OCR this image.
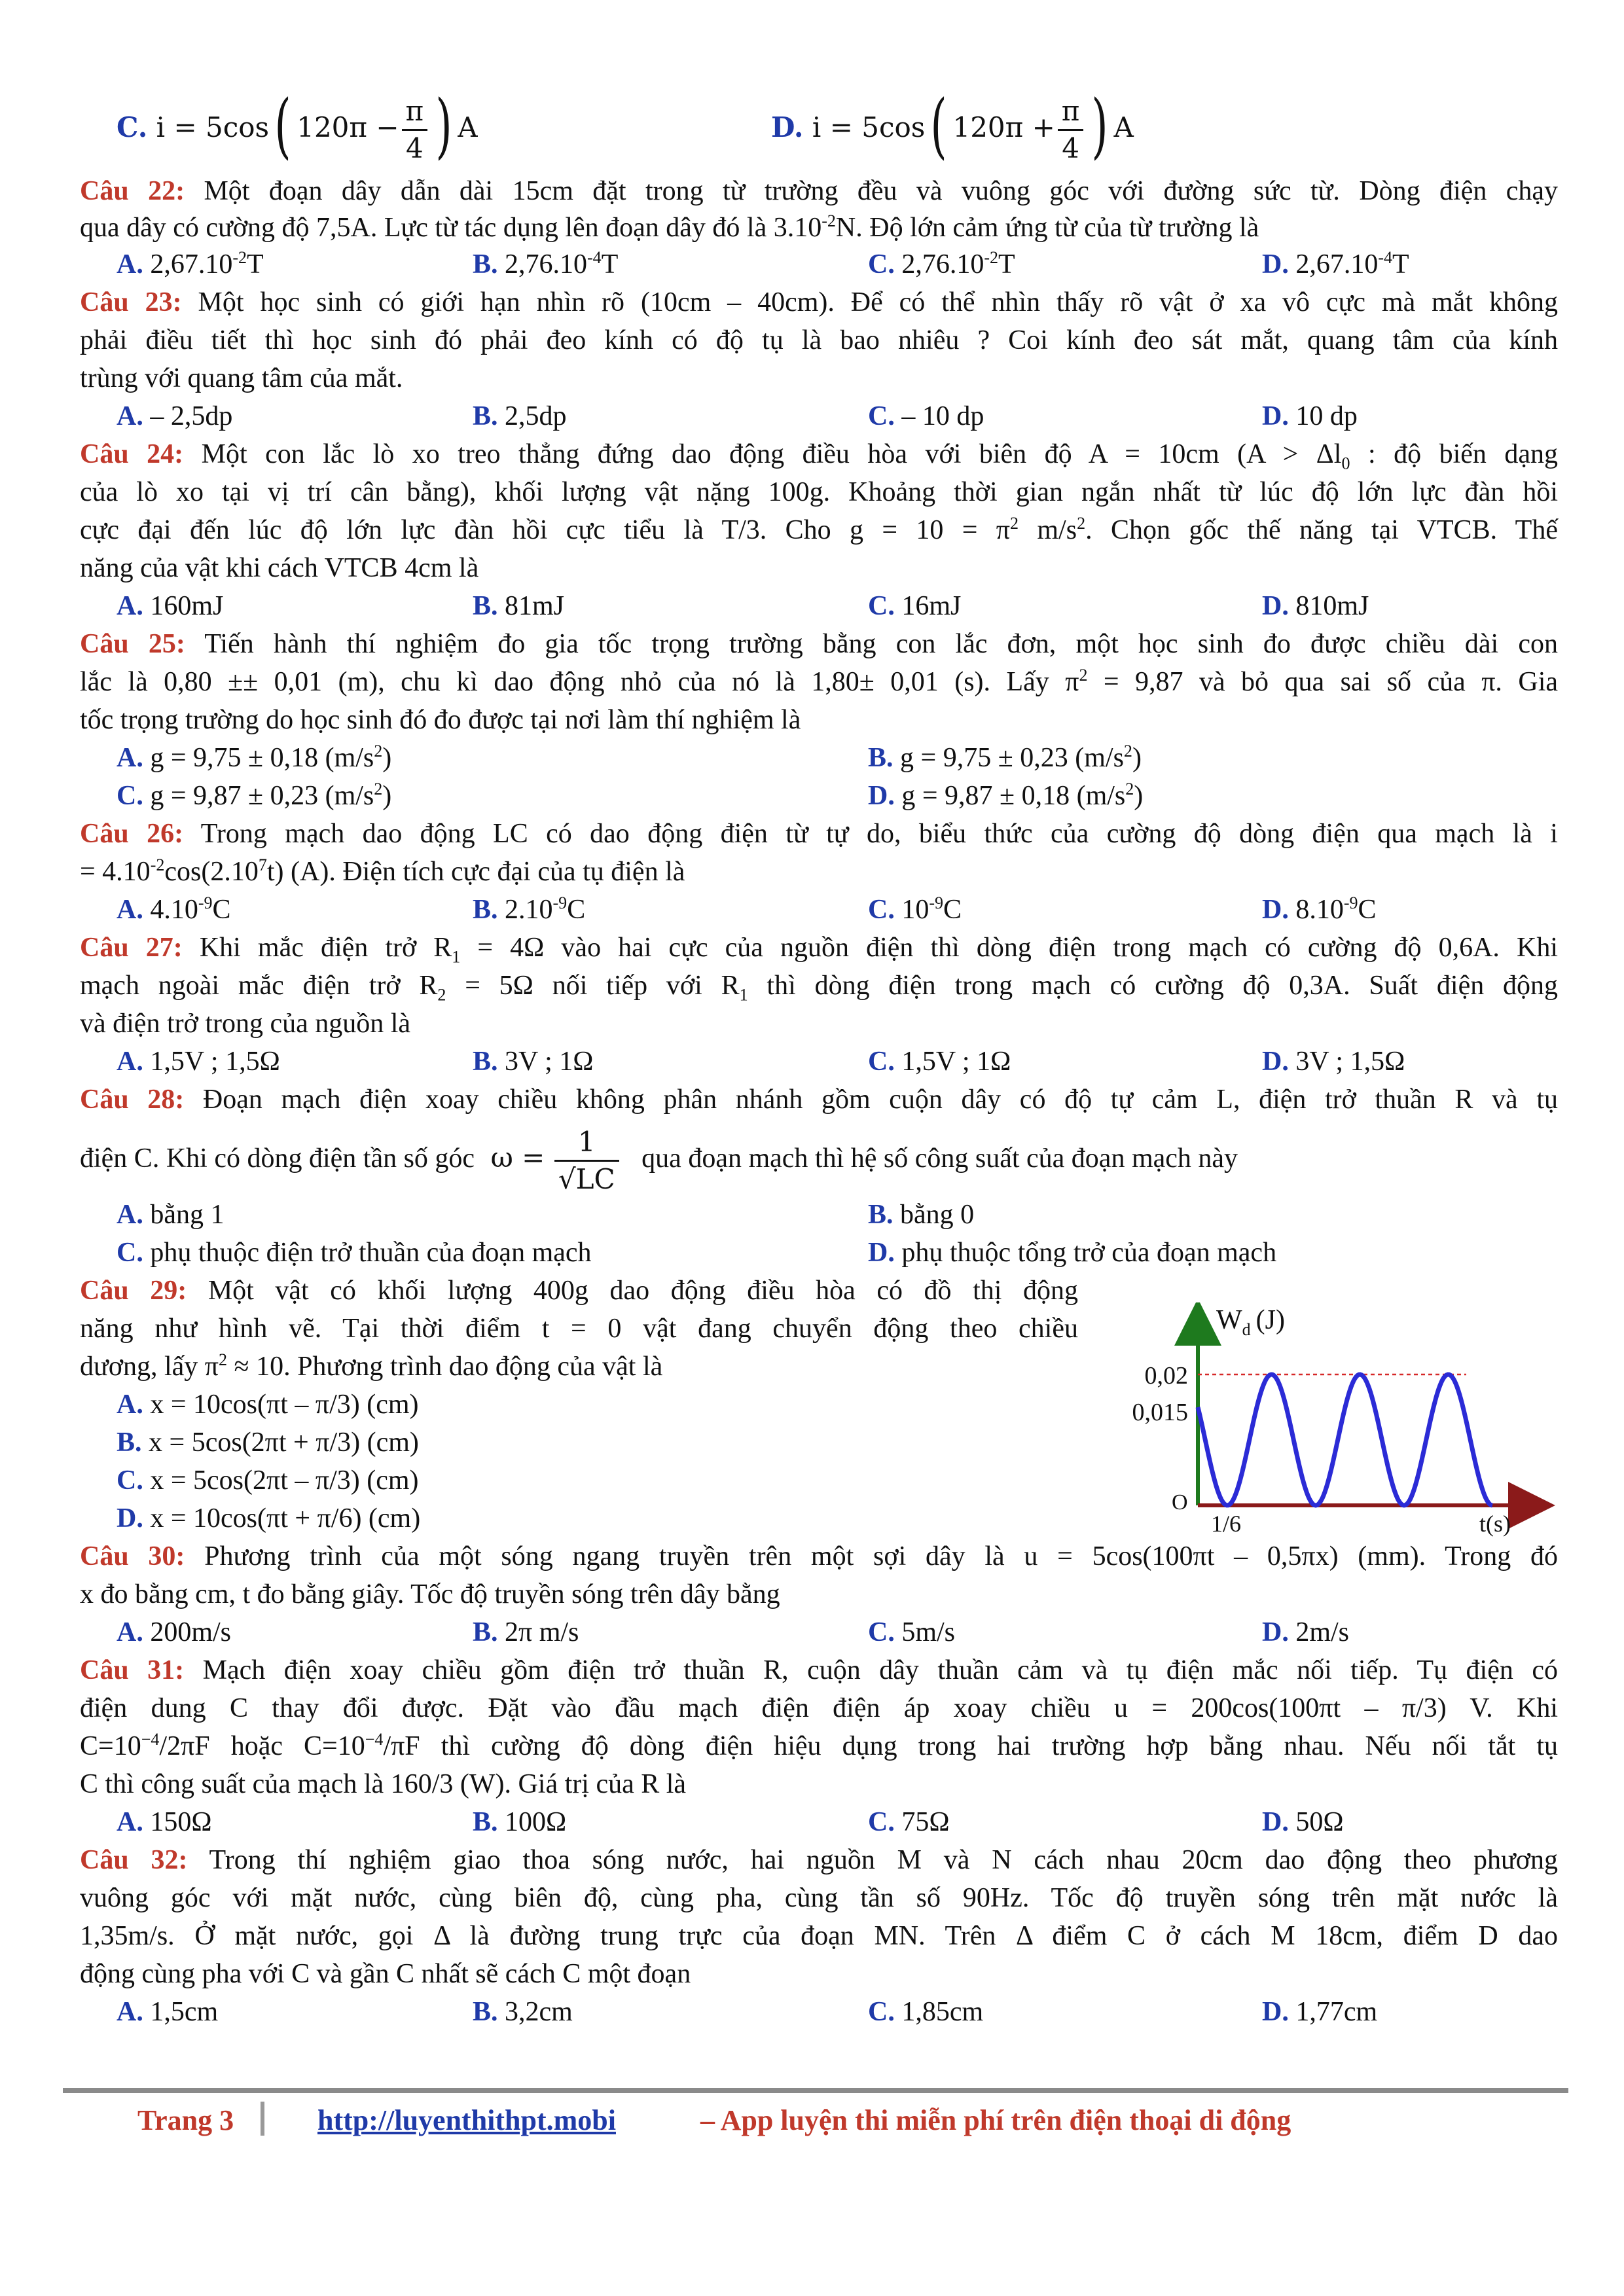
C. i = 5cos( $120\pi - \frac{\pi}{4}$ ) A	D. i = 5cos( $120\pi + \frac{\pi}{4}$ ) A
Câu 22: Một đoạn dây dẫn dài 15cm đặt trong từ trường đều và vuông góc với đường sức từ. Dòng điện chạy
qua dây có cường độ 7,5A. Lực từ tác dụng lên đoạn dây đó là $3.10^{-2}N$. Độ lớn cảm ứng từ của từ trường là
A. $2,67.10^{-2}T$	B. $2,76.10^{-4}T$	C. $2,76.10^{-2}T$	D. $2,67.10^{-4}T$
Câu 23: Một học sinh có giới hạn nhìn rõ (10cm – 40cm). Để có thể nhìn thấy rõ vật ở xa vô cực mà mắt không
phải điều tiết thì học sinh đó phải đeo kính có độ tụ là bao nhiêu ? Coi kính đeo sát mắt, quang tâm của kính
trùng với quang tâm của mắt.
A. – 2,5dp	B. 2,5dp	C. – 10 dp	D. 10 dp
Câu 24: Một con lắc lò xo treo thẳng đứng dao động điều hòa với biên độ A = 10cm ($A > \Delta l_0$ : độ biến dạng
của lò xo tại vị trí cân bằng), khối lượng vật nặng 100g. Khoảng thời gian ngắn nhất từ lúc độ lớn lực đàn hồi
cực đại đến lúc độ lớn lực đàn hồi cực tiểu là T/3. Cho $g = 10 = \pi^2$ $m/s^2$. Chọn gốc thế năng tại VTCB. Thế
năng của vật khi cách VTCB 4cm là
A. 160mJ	B. 81mJ	C. 16mJ	D. 810mJ
Câu 25: Tiến hành thí nghiệm đo gia tốc trọng trường bằng con lắc đơn, một học sinh đo được chiều dài con
lắc là 0,80 ±± 0,01 (m), chu kì dao động nhỏ của nó là 1,80± 0,01 (s). Lấy $\pi^2 = 9,87$ và bỏ qua sai số của π. Gia
tốc trọng trường do học sinh đó đo được tại nơi làm thí nghiệm là
A. g = 9,75 ± 0,18 $(m/s^2)$	B. g = 9,75 ± 0,23 $(m/s^2)$
C. g = 9,87 ± 0,23 $(m/s^2)$	D. g = 9,87 ± 0,18 $(m/s^2)$
Câu 26: Trong mạch dao động LC có dao động điện từ tự do, biểu thức của cường độ dòng điện qua mạch là i
= $4.10^{-2}\cos(2.10^7t)$ (A). Điện tích cực đại của tụ điện là
A. $4.10^{-9}C$	B. $2.10^{-9}C$	C. $10^{-9}C$	D. $8.10^{-9}C$
Câu 27: Khi mắc điện trở $R_1 = 4\Omega$ vào hai cực của nguồn điện thì dòng điện trong mạch có cường độ 0,6A. Khi
mạch ngoài mắc điện trở $R_2 = 5\Omega$ nối tiếp với $R_1$ thì dòng điện trong mạch có cường độ 0,3A. Suất điện động
và điện trở trong của nguồn là
A. 1,5V ; 1,5Ω	B. 3V ; 1Ω	C. 1,5V ; 1Ω	D. 3V ; 1,5Ω
Câu 28: Đoạn mạch điện xoay chiều không phân nhánh gồm cuộn dây có độ tự cảm L, điện trở thuần R và tụ
điện C. Khi có dòng điện tần số góc $\omega = \frac{1}{√LC}$ qua đoạn mạch thì hệ số công suất của đoạn mạch này
A. bằng 1	B. bằng 0
C. phụ thuộc điện trở thuần của đoạn mạch	D. phụ thuộc tổng trở của đoạn mạch
Câu 29: Một vật có khối lượng 400g dao động điều hòa có đồ thị động
năng như hình vẽ. Tại thời điểm t = 0 vật đang chuyển động theo chiều
dương, lấy $\pi^2 \approx 10$. Phương trình dao động của vật là
A. x = 10cos(πt – π/3) (cm)
B. x = 5cos(2πt + π/3) (cm)
C. x = 5cos(2πt – π/3) (cm)
D. x = 10cos(πt + π/6) (cm)
$W_d$ (J)
0,02
0,015
O
1/6	t(s)
Câu 30: Phương trình của một sóng ngang truyền trên một sợi dây là u = 5cos(100πt – 0,5πx) (mm). Trong đó
x đo bằng cm, t đo bằng giây. Tốc độ truyền sóng trên dây bằng
A. 200m/s	B. 2π m/s	C. 5m/s	D. 2m/s
Câu 31: Mạch điện xoay chiều gồm điện trở thuần R, cuộn dây thuần cảm và tụ điện mắc nối tiếp. Tụ điện có
điện dung C thay đổi được. Đặt vào đầu mạch điện điện áp xoay chiều u = 200cos(100πt – π/3) V. Khi
$C=10^{-4}/2\pi F$ hoặc $C=10^{-4}/\pi F$ thì cường độ dòng điện hiệu dụng trong hai trường hợp bằng nhau. Nếu nối tắt tụ
C thì công suất của mạch là 160/3 (W). Giá trị của R là
A. 150Ω	B. 100Ω	C. 75Ω	D. 50Ω
Câu 32: Trong thí nghiệm giao thoa sóng nước, hai nguồn M và N cách nhau 20cm dao động theo phương
vuông góc với mặt nước, cùng biên độ, cùng pha, cùng tần số 90Hz. Tốc độ truyền sóng trên mặt nước là
1,35m/s. Ở mặt nước, gọi Δ là đường trung trực của đoạn MN. Trên Δ điểm C ở cách M 18cm, điểm D dao
động cùng pha với C và gần C nhất sẽ cách C một đoạn
A. 1,5cm	B. 3,2cm	C. 1,85cm	D. 1,77cm
Trang 3	http://luyenthithpt.mobi	– App luyện thi miễn phí trên điện thoại di động
